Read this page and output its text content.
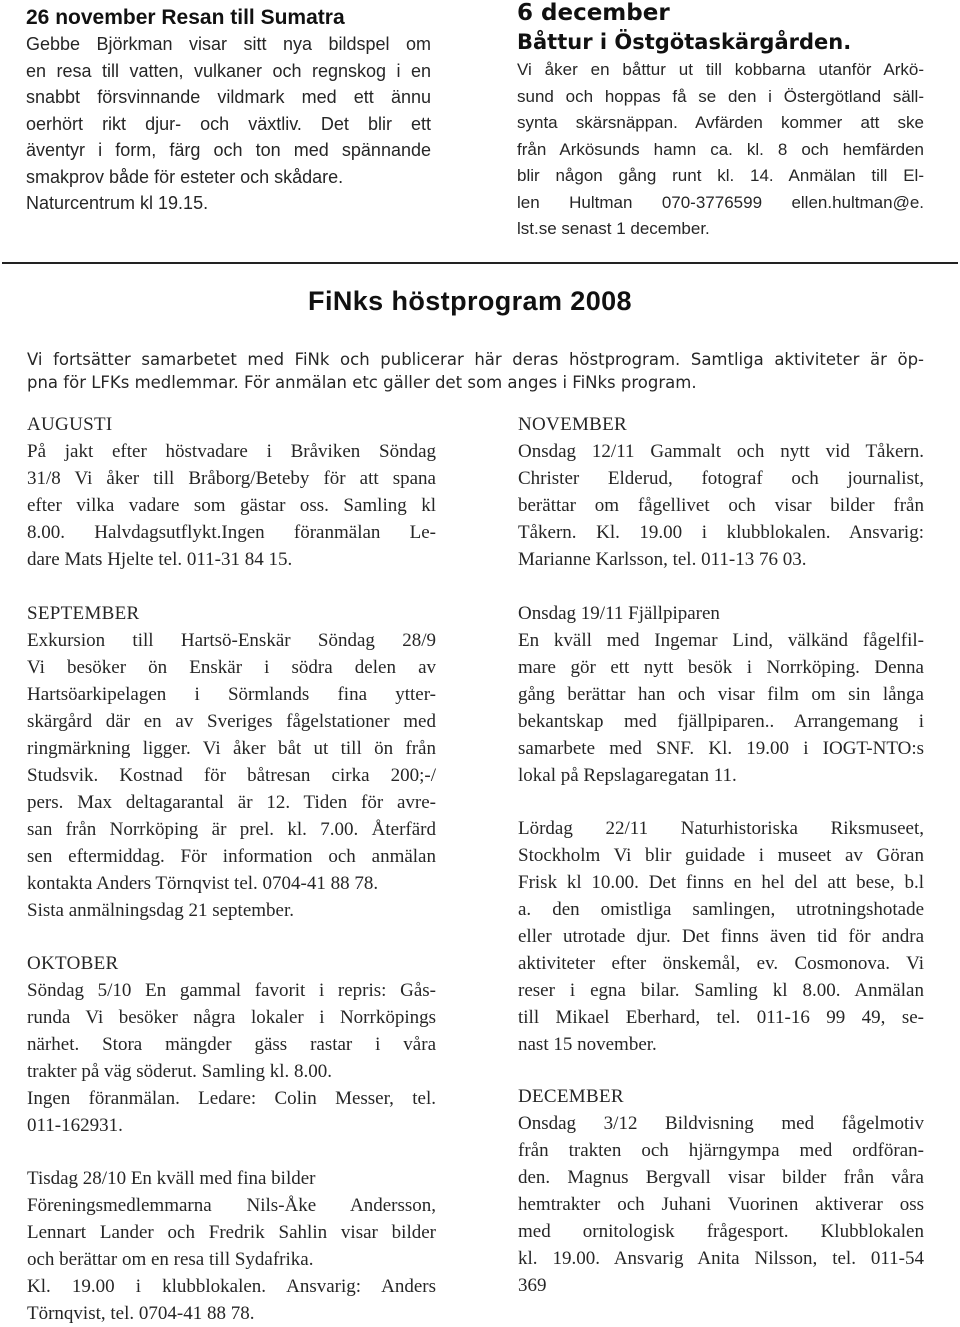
26 november Resan till Sumatra
Gebbe Björkman visar sitt nya bildspel om
en resa till vatten, vulkaner och regnskog i en
snabbt försvinnande vildmark med ett ännu
oerhört rikt djur- och växtliv. Det blir ett
äventyr i form, färg och ton med spännande
smakprov både för esteter och skådare.
Naturcentrum kl 19.15.
6 december
Båttur i Östgötaskärgården.
Vi åker en båttur ut till kobbarna utanför Arkö-
sund och hoppas få se den i Östergötland säll-
synta skärsnäppan. Avfärden kommer att ske
från Arkösunds hamn ca. kl. 8 och hemfärden
blir någon gång runt kl. 14. Anmälan till El-
len Hultman 070-3776599 ellen.hultman@e.
lst.se senast 1 december.
FiNks höstprogram 2008
Vi fortsätter samarbetet med FiNk och publicerar här deras höstprogram. Samtliga aktiviteter är öp-
pna för LFKs medlemmar. För anmälan etc gäller det som anges i FiNks program.
AUGUSTI
På jakt efter höstvadare i Bråviken Söndag
31/8 Vi åker till Bråborg/Beteby för att spana
efter vilka vadare som gästar oss. Samling kl
8.00. Halvdagsutflykt.Ingen föranmälan Le-
dare Mats Hjelte tel. 011-31 84 15.
SEPTEMBER
Exkursion till Hartsö-Enskär Söndag 28/9
Vi besöker ön Enskär i södra delen av
Hartsöarkipelagen i Sörmlands fina ytter-
skärgård där en av Sveriges fågelstationer med
ringmärkning ligger. Vi åker båt ut till ön från
Studsvik. Kostnad för båtresan cirka 200;-/
pers. Max deltagarantal är 12. Tiden för avre-
san från Norrköping är prel. kl. 7.00. Återfärd
sen eftermiddag. För information och anmälan
kontakta Anders Törnqvist tel. 0704-41 88 78.
Sista anmälningsdag 21 september.
OKTOBER
Söndag 5/10 En gammal favorit i repris: Gås-
runda Vi besöker några lokaler i Norrköpings
närhet. Stora mängder gäss rastar i våra
trakter på väg söderut. Samling kl. 8.00.
Ingen föranmälan. Ledare: Colin Messer, tel.
011-162931.
Tisdag 28/10 En kväll med fina bilder
Föreningsmedlemmarna Nils-Åke Andersson,
Lennart Lander och Fredrik Sahlin visar bilder
och berättar om en resa till Sydafrika.
Kl. 19.00 i klubblokalen. Ansvarig: Anders
Törnqvist, tel. 0704-41 88 78.
NOVEMBER
Onsdag 12/11 Gammalt och nytt vid Tåkern.
Christer Elderud, fotograf och journalist,
berättar om fågellivet och visar bilder från
Tåkern. Kl. 19.00 i klubblokalen. Ansvarig:
Marianne Karlsson, tel. 011-13 76 03.
Onsdag 19/11 Fjällpiparen
En kväll med Ingemar Lind, välkänd fågelfil-
mare gör ett nytt besök i Norrköping. Denna
gång berättar han och visar film om sin långa
bekantskap med fjällpiparen.. Arrangemang i
samarbete med SNF. Kl. 19.00 i IOGT-NTO:s
lokal på Repslagaregatan 11.
Lördag 22/11 Naturhistoriska Riksmuseet,
Stockholm Vi blir guidade i museet av Göran
Frisk kl 10.00. Det finns en hel del att bese, b.l
a. den omistliga samlingen, utrotningshotade
eller utrotade djur. Det finns även tid för andra
aktiviteter efter önskemål, ev. Cosmonova. Vi
reser i egna bilar. Samling kl 8.00. Anmälan
till Mikael Eberhard, tel. 011-16 99 49, se-
nast 15 november.
DECEMBER
Onsdag 3/12 Bildvisning med fågelmotiv
från trakten och hjärngympa med ordföran-
den. Magnus Bergvall visar bilder från våra
hemtrakter och Juhani Vuorinen aktiverar oss
med ornitologisk frågesport. Klubblokalen
kl. 19.00. Ansvarig Anita Nilsson, tel. 011-54
369
